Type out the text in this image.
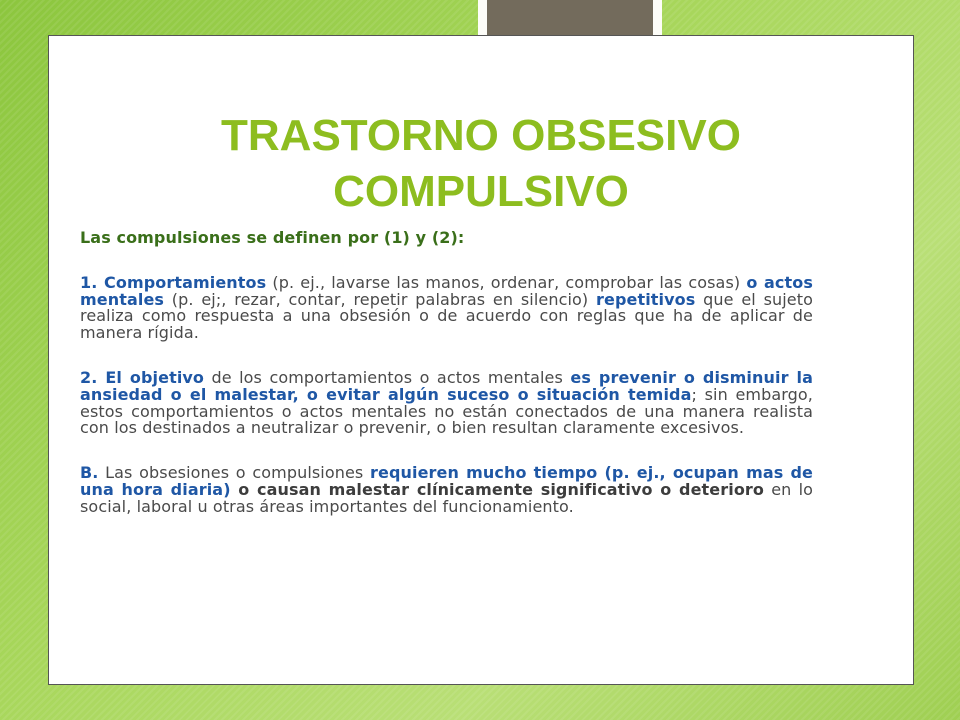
TRASTORNO OBSESIVO
COMPULSIVO

Las compulsiones se definen por (1) y (2):

1. Comportamientos (p. ej., lavarse las manos, ordenar, comprobar las cosas) o actos mentales (p. ej;, rezar, contar, repetir palabras en silencio) repetitivos que el sujeto realiza como respuesta a una obsesión o de acuerdo con reglas que ha de aplicar de manera rígida.

2. El objetivo de los comportamientos o actos mentales es prevenir o disminuir la ansiedad o el malestar, o evitar algún suceso o situación temida; sin embargo, estos comportamientos o actos mentales no están conectados de una manera realista con los destinados a neutralizar o prevenir, o bien resultan claramente excesivos.

B. Las obsesiones o compulsiones requieren mucho tiempo (p. ej., ocupan mas de una hora diaria) o causan malestar clínicamente significativo o deterioro en lo social, laboral u otras áreas importantes del funcionamiento.
